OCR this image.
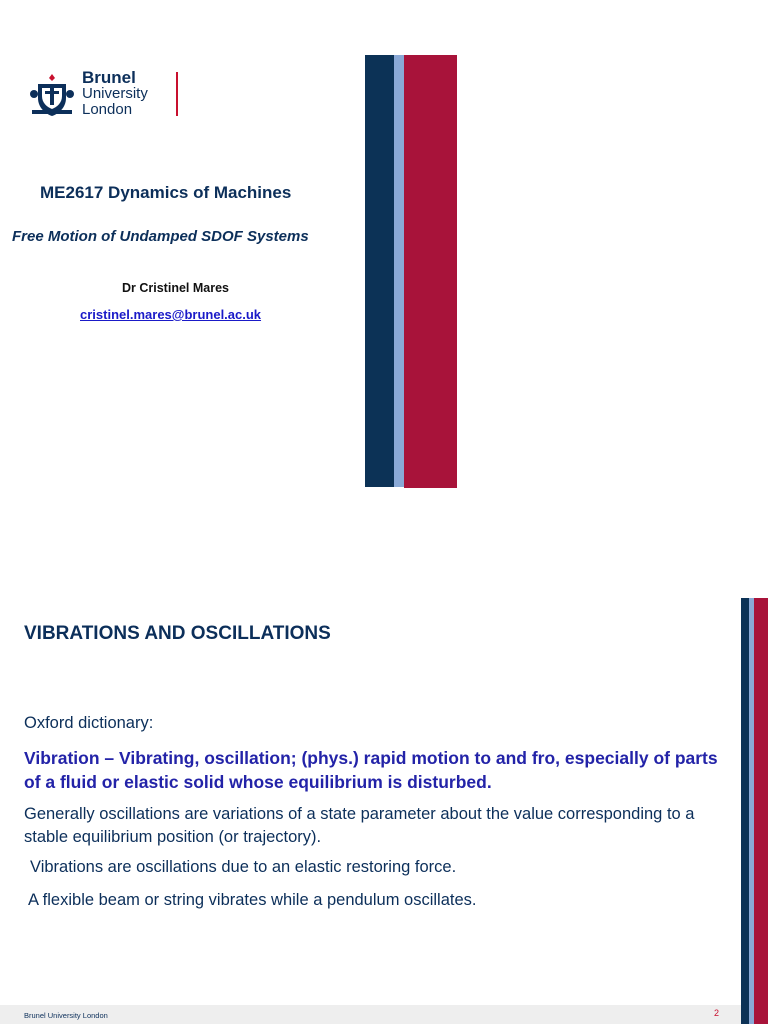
Brunel
University
London
ME2617 Dynamics of Machines
Free Motion of Undamped SDOF Systems
Dr Cristinel Mares
cristinel.mares@brunel.ac.uk
VIBRATIONS AND OSCILLATIONS
Oxford dictionary:
Vibration – Vibrating, oscillation; (phys.) rapid motion to and fro, especially of parts of a fluid or elastic solid whose equilibrium is disturbed.
Generally oscillations are variations of a state parameter about the value corresponding to a stable equilibrium position (or trajectory).
Vibrations are oscillations due to an elastic restoring force.
A flexible beam or string vibrates while a pendulum oscillates.
Brunel University London	2
